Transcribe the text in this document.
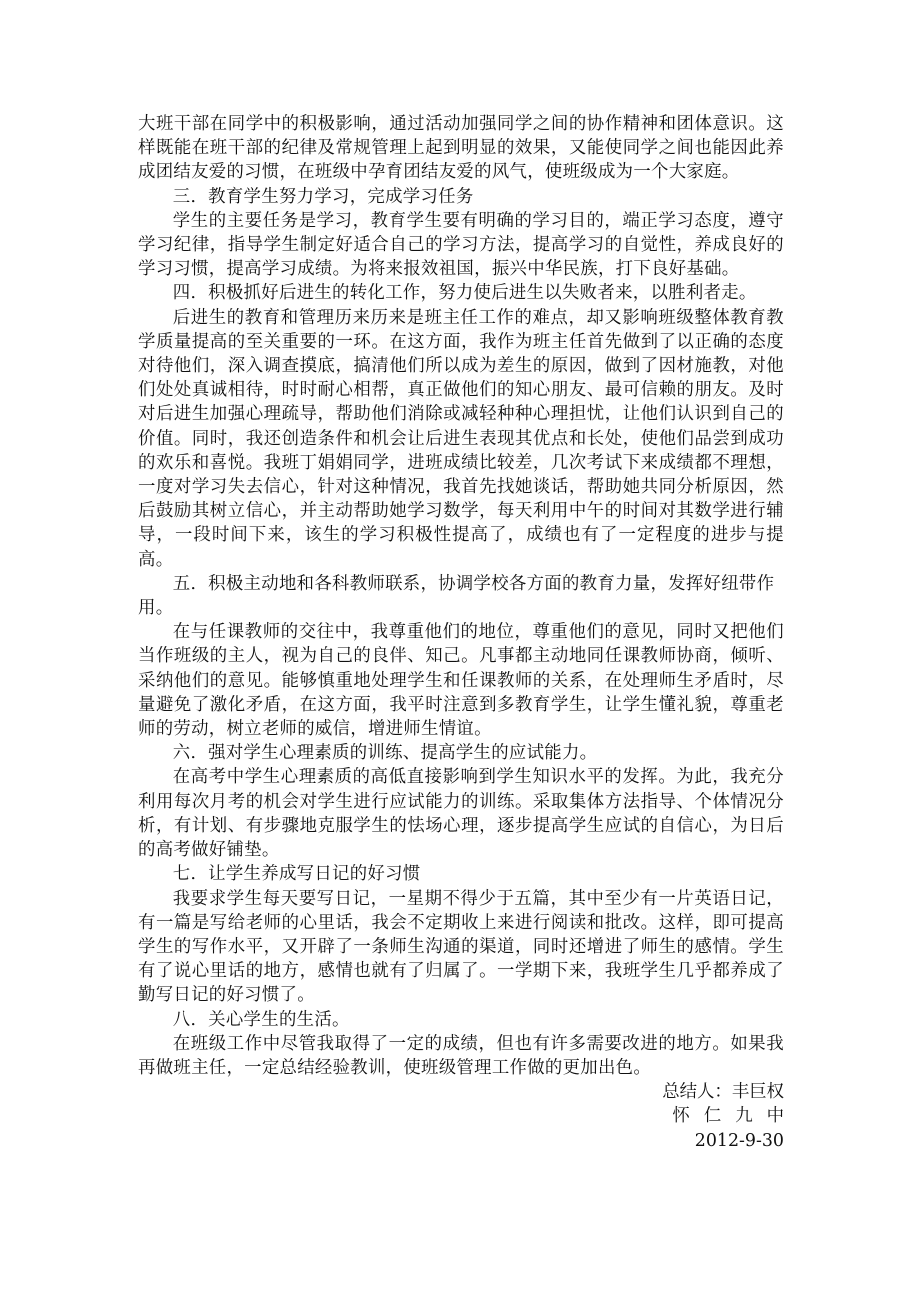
大班干部在同学中的积极影响，通过活动加强同学之间的协作精神和团体意识。这样既能在班干部的纪律及常规管理上起到明显的效果，又能使同学之间也能因此养成团结友爱的习惯，在班级中孕育团结友爱的风气，使班级成为一个大家庭。

三．教育学生努力学习，完成学习任务

学生的主要任务是学习，教育学生要有明确的学习目的，端正学习态度，遵守学习纪律，指导学生制定好适合自己的学习方法，提高学习的自觉性，养成良好的学习习惯，提高学习成绩。为将来报效祖国，振兴中华民族，打下良好基础。

四．积极抓好后进生的转化工作，努力使后进生以失败者来，以胜利者走。

后进生的教育和管理历来历来是班主任工作的难点，却又影响班级整体教育教学质量提高的至关重要的一环。在这方面，我作为班主任首先做到了以正确的态度对待他们，深入调查摸底，搞清他们所以成为差生的原因，做到了因材施教，对他们处处真诚相待，时时耐心相帮，真正做他们的知心朋友、最可信赖的朋友。及时对后进生加强心理疏导，帮助他们消除或减轻种种心理担忧，让他们认识到自己的价值。同时，我还创造条件和机会让后进生表现其优点和长处，使他们品尝到成功的欢乐和喜悦。我班丁娟娟同学，进班成绩比较差，几次考试下来成绩都不理想，一度对学习失去信心，针对这种情况，我首先找她谈话，帮助她共同分析原因，然后鼓励其树立信心，并主动帮助她学习数学，每天利用中午的时间对其数学进行辅导，一段时间下来，该生的学习积极性提高了，成绩也有了一定程度的进步与提高。

五．积极主动地和各科教师联系，协调学校各方面的教育力量，发挥好纽带作用。

在与任课教师的交往中，我尊重他们的地位，尊重他们的意见，同时又把他们当作班级的主人，视为自己的良伴、知己。凡事都主动地同任课教师协商，倾听、采纳他们的意见。能够慎重地处理学生和任课教师的关系，在处理师生矛盾时，尽量避免了激化矛盾，在这方面，我平时注意到多教育学生，让学生懂礼貌，尊重老师的劳动，树立老师的威信，增进师生情谊。

六．强对学生心理素质的训练、提高学生的应试能力。

在高考中学生心理素质的高低直接影响到学生知识水平的发挥。为此，我充分利用每次月考的机会对学生进行应试能力的训练。采取集体方法指导、个体情况分析，有计划、有步骤地克服学生的怯场心理，逐步提高学生应试的自信心，为日后的高考做好铺垫。

七．让学生养成写日记的好习惯

我要求学生每天要写日记，一星期不得少于五篇，其中至少有一片英语日记，有一篇是写给老师的心里话，我会不定期收上来进行阅读和批改。这样，即可提高学生的写作水平，又开辟了一条师生沟通的渠道，同时还增进了师生的感情。学生有了说心里话的地方，感情也就有了归属了。一学期下来，我班学生几乎都养成了勤写日记的好习惯了。

八．关心学生的生活。

在班级工作中尽管我取得了一定的成绩，但也有许多需要改进的地方。如果我再做班主任，一定总结经验教训，使班级管理工作做的更加出色。

总结人：丰巨权
怀仁九中
2012-9-30
